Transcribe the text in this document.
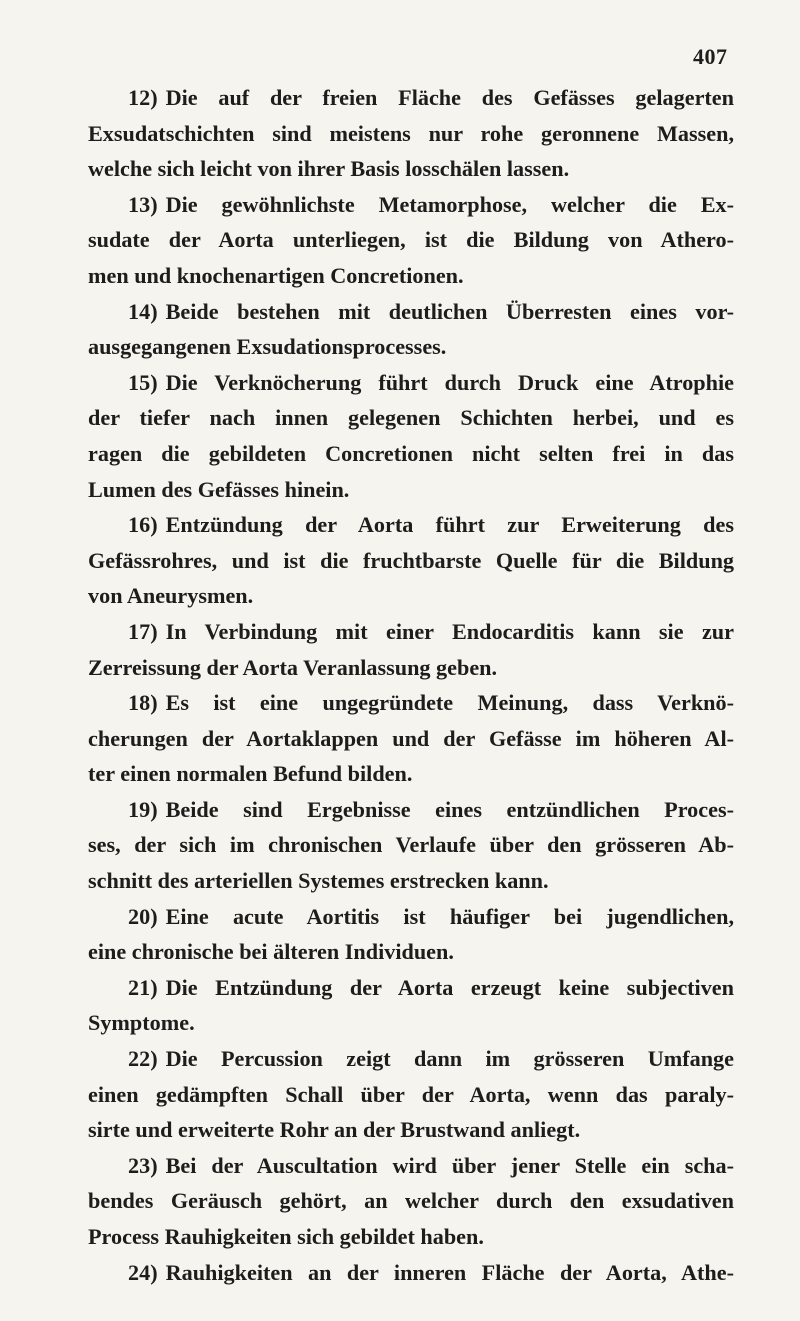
407
12) Die auf der freien Fläche des Gefässes gelagerten
Exsudatschichten sind meistens nur rohe geronnene Massen,
welche sich leicht von ihrer Basis losschälen lassen.
13) Die gewöhnlichste Metamorphose, welcher die Ex-
sudate der Aorta unterliegen, ist die Bildung von Athero-
men und knochenartigen Concretionen.
14) Beide bestehen mit deutlichen Überresten eines vor-
ausgegangenen Exsudationsprocesses.
15) Die Verknöcherung führt durch Druck eine Atrophie
der tiefer nach innen gelegenen Schichten herbei, und es
ragen die gebildeten Concretionen nicht selten frei in das
Lumen des Gefässes hinein.
16) Entzündung der Aorta führt zur Erweiterung des
Gefässrohres, und ist die fruchtbarste Quelle für die Bildung
von Aneurysmen.
17) In Verbindung mit einer Endocarditis kann sie zur
Zerreissung der Aorta Veranlassung geben.
18) Es ist eine ungegründete Meinung, dass Verknö-
cherungen der Aortaklappen und der Gefässe im höheren Al-
ter einen normalen Befund bilden.
19) Beide sind Ergebnisse eines entzündlichen Proces-
ses, der sich im chronischen Verlaufe über den grösseren Ab-
schnitt des arteriellen Systemes erstrecken kann.
20) Eine acute Aortitis ist häufiger bei jugendlichen,
eine chronische bei älteren Individuen.
21) Die Entzündung der Aorta erzeugt keine subjectiven
Symptome.
22) Die Percussion zeigt dann im grösseren Umfange
einen gedämpften Schall über der Aorta, wenn das paraly-
sirte und erweiterte Rohr an der Brustwand anliegt.
23) Bei der Auscultation wird über jener Stelle ein scha-
bendes Geräusch gehört, an welcher durch den exsudativen
Process Rauhigkeiten sich gebildet haben.
24) Rauhigkeiten an der inneren Fläche der Aorta, Athe-
